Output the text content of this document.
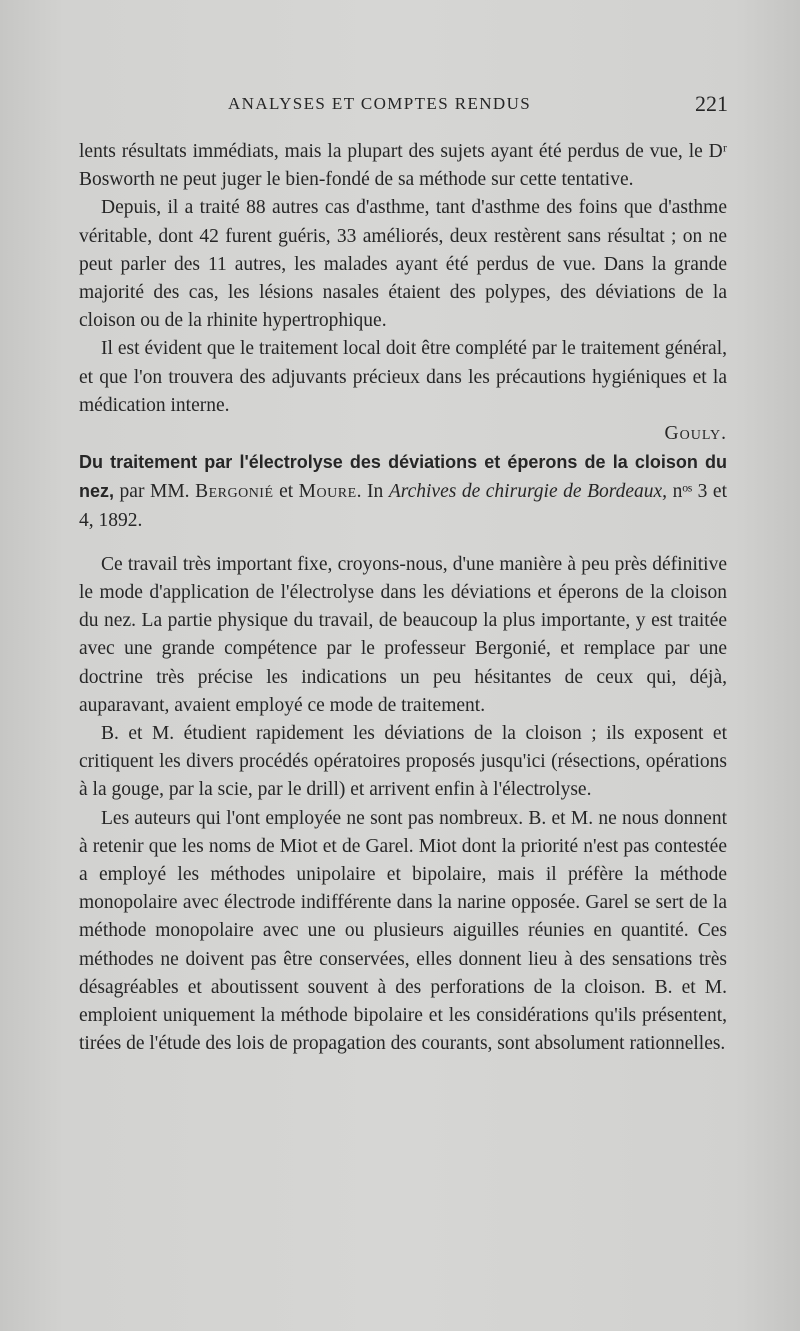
ANALYSES ET COMPTES RENDUS	221

lents résultats immédiats, mais la plupart des sujets ayant été perdus de vue, le Dʳ Bosworth ne peut juger le bien-fondé de sa méthode sur cette tentative.

Depuis, il a traité 88 autres cas d'asthme, tant d'asthme des foins que d'asthme véritable, dont 42 furent guéris, 33 améliorés, deux restèrent sans résultat ; on ne peut parler des 11 autres, les malades ayant été perdus de vue. Dans la grande majorité des cas, les lésions nasales étaient des polypes, des déviations de la cloison ou de la rhinite hypertrophique.

Il est évident que le traitement local doit être complété par le traitement général, et que l'on trouvera des adjuvants précieux dans les précautions hygiéniques et la médication interne.

Gouly.

Du traitement par l'électrolyse des déviations et éperons de la cloison du nez, par MM. Bergonié et Moure. In Archives de chirurgie de Bordeaux, nᵒˢ 3 et 4, 1892.

Ce travail très important fixe, croyons-nous, d'une manière à peu près définitive le mode d'application de l'électrolyse dans les déviations et éperons de la cloison du nez. La partie physique du travail, de beaucoup la plus importante, y est traitée avec une grande compétence par le professeur Bergonié, et remplace par une doctrine très précise les indications un peu hésitantes de ceux qui, déjà, auparavant, avaient employé ce mode de traitement.

B. et M. étudient rapidement les déviations de la cloison ; ils exposent et critiquent les divers procédés opératoires proposés jusqu'ici (résections, opérations à la gouge, par la scie, par le drill) et arrivent enfin à l'électrolyse.

Les auteurs qui l'ont employée ne sont pas nombreux. B. et M. ne nous donnent à retenir que les noms de Miot et de Garel. Miot dont la priorité n'est pas contestée a employé les méthodes unipolaire et bipolaire, mais il préfère la méthode monopolaire avec électrode indifférente dans la narine opposée. Garel se sert de la méthode monopolaire avec une ou plusieurs aiguilles réunies en quantité. Ces méthodes ne doivent pas être conservées, elles donnent lieu à des sensations très désagréables et aboutissent souvent à des perforations de la cloison. B. et M. emploient uniquement la méthode bipolaire et les considérations qu'ils présentent, tirées de l'étude des lois de propagation des courants, sont absolument rationnelles.
